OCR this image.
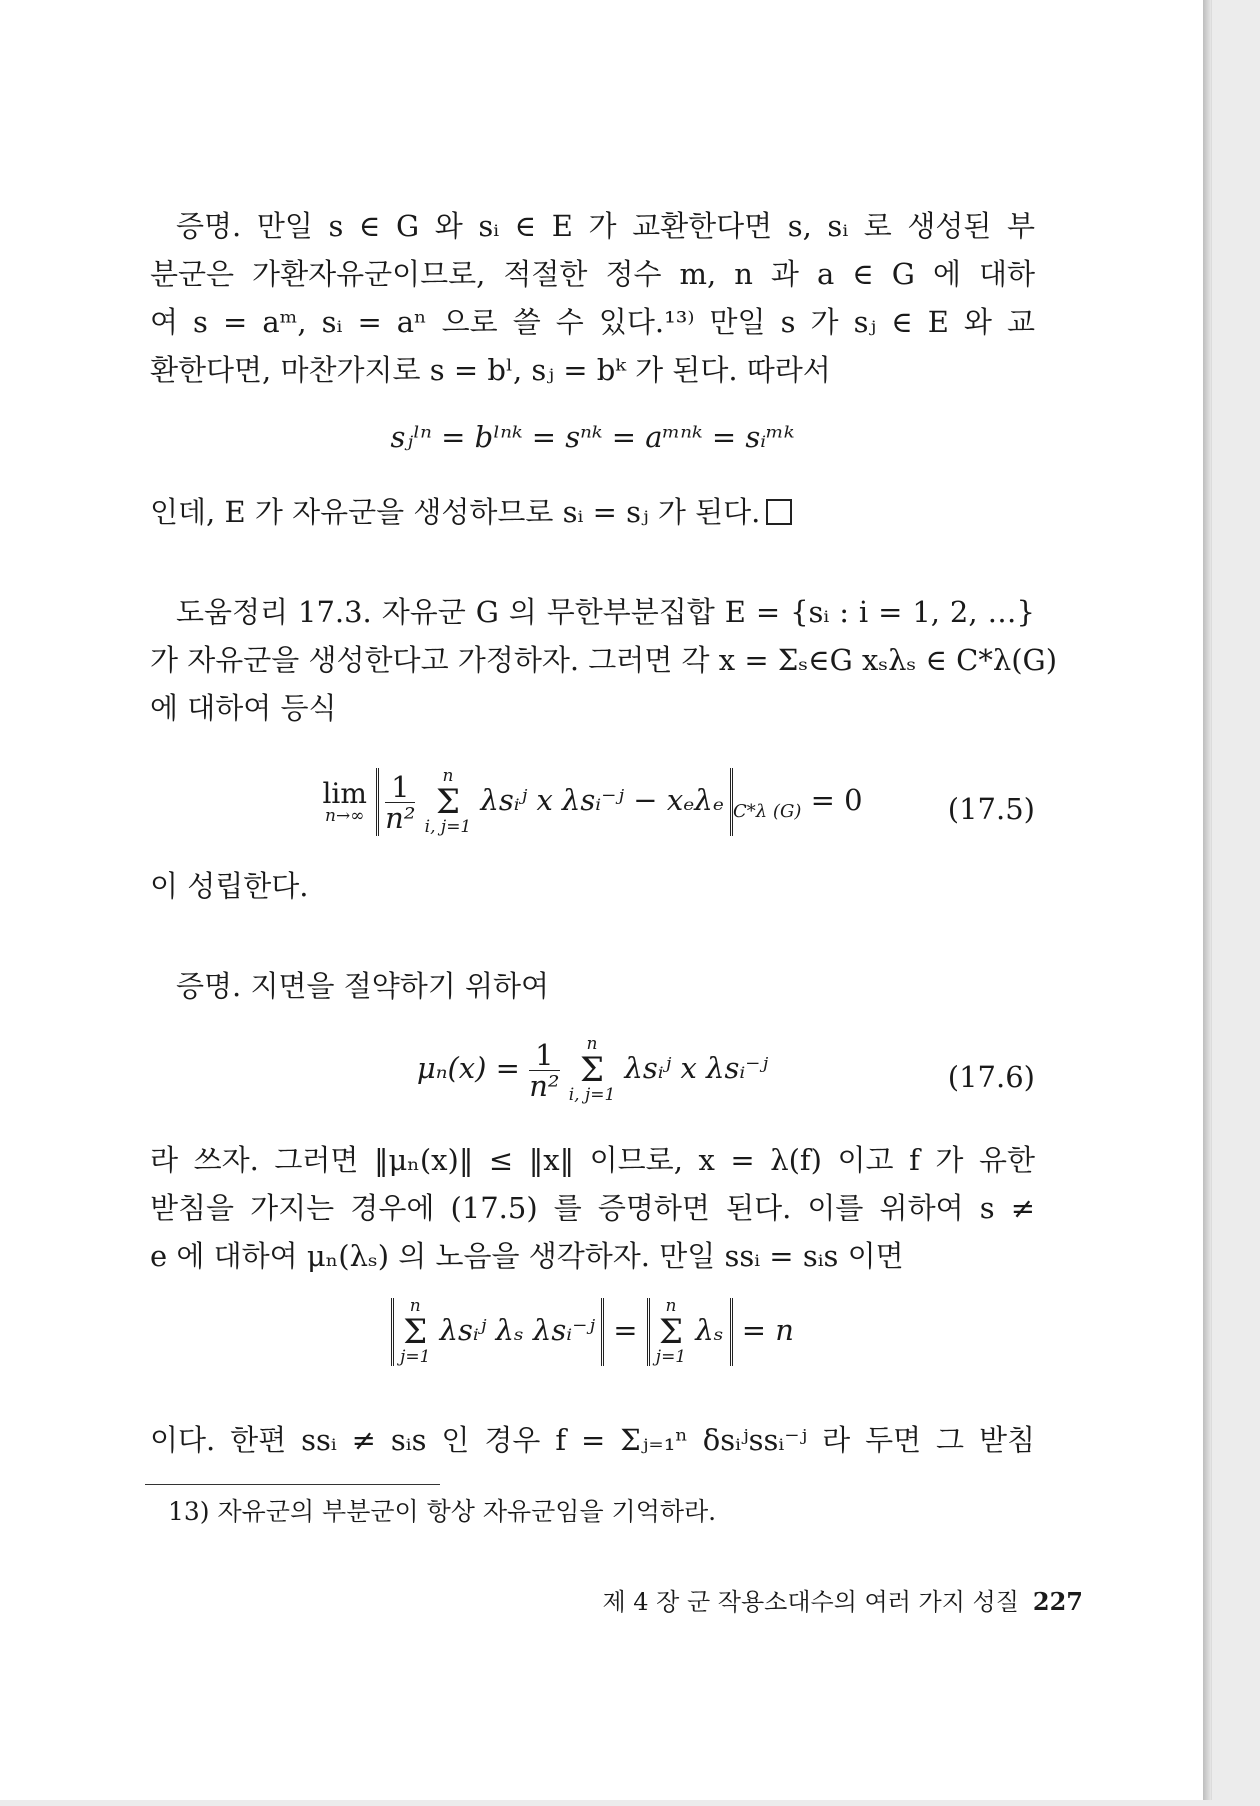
증명. 만일 s ∈ G 와 sᵢ ∈ E 가 교환한다면 s, sᵢ 로 생성된 부
분군은 가환자유군이므로, 적절한 정수 m, n 과 a ∈ G 에 대하
여 s = aᵐ, sᵢ = aⁿ 으로 쓸 수 있다.¹³⁾ 만일 s 가 sⱼ ∈ E 와 교
환한다면, 마찬가지로 s = bˡ, sⱼ = bᵏ 가 된다. 따라서
sⱼˡⁿ = bˡⁿᵏ = sⁿᵏ = aᵐⁿᵏ = sᵢᵐᵏ
인데, E 가 자유군을 생성하므로 sᵢ = sⱼ 가 된다.
도움정리 17.3. 자유군 G 의 무한부분집합 E = {sᵢ : i = 1, 2, …}
가 자유군을 생성한다고 가정하자. 그러면 각 x = Σₛ∈G xₛλₛ ∈ C*λ(G)
에 대하여 등식
lim
n→∞
$\frac{1}{\text{n²}}$
	n
Σ
i, j=1
λsᵢʲ x λsᵢ⁻ʲ − xₑλₑ $_{C*\lambda (G)}$ = 0	(17.5)
이 성립한다.
증명. 지면을 절약하기 위하여
$\mu_n(x) = \frac{1}{\text{n²}}$
	n
Σ
i, j=1
λsᵢʲ x λsᵢ⁻ʲ	(17.6)
라 쓰자. 그러면 ‖μₙ(x)‖ ≤ ‖x‖ 이므로, x = λ(f) 이고 f 가 유한
받침을 가지는 경우에 (17.5) 를 증명하면 된다. 이를 위하여 s ≠
e 에 대하여 μₙ(λₛ) 의 노음을 생각하자. 만일 ssᵢ = sᵢs 이면
n
Σ
j=1
λsᵢʲ λₛ λsᵢ⁻ʲ =
n
Σ
j=1
λₛ = n
이다. 한편 ssᵢ ≠ sᵢs 인 경우 f = Σⱼ₌₁ⁿ δsᵢʲssᵢ⁻ʲ 라 두면 그 받침
13) 자유군의 부분군이 항상 자유군임을 기억하라.
제 4 장 군 작용소대수의 여러 가지 성질 227
